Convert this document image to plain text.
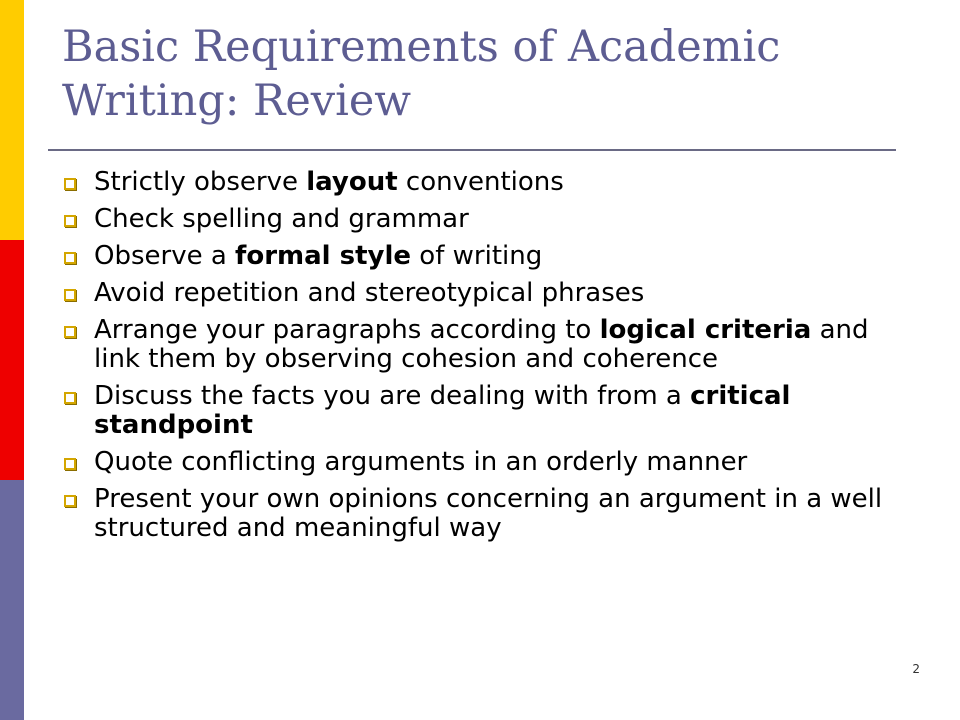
Basic Requirements of Academic
Writing: Review
Strictly observe layout conventions
Check spelling and grammar
Observe a formal style of writing
Avoid repetition and stereotypical phrases
Arrange your paragraphs according to logical criteria and link them by observing cohesion and coherence
Discuss the facts you are dealing with from a critical standpoint
Quote conflicting arguments in an orderly manner
Present your own opinions concerning an argument in a well structured and meaningful way
2
